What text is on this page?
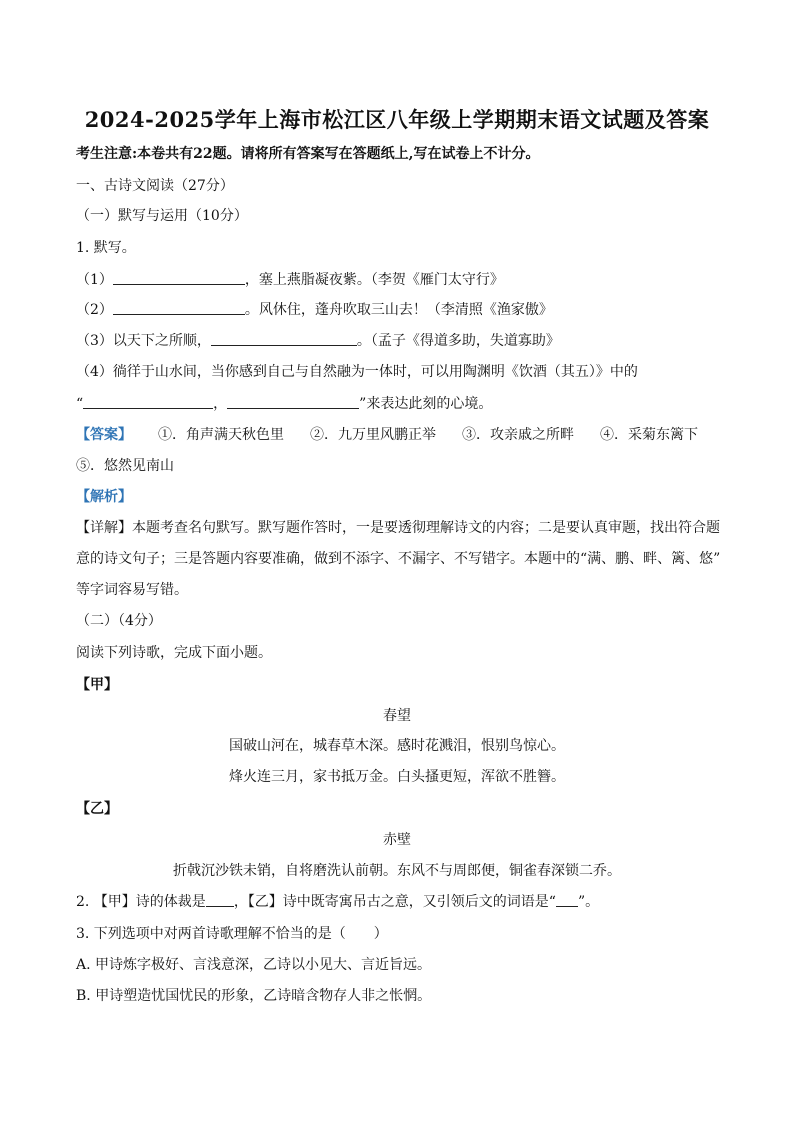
2024-2025学年上海市松江区八年级上学期期末语文试题及答案
考生注意:本卷共有22题。请将所有答案写在答题纸上,写在试卷上不计分。
一、古诗文阅读（27分）
（一）默写与运用（10分）
1. 默写。
（1）	，塞上燕脂凝夜紫。（李贺《雁门太守行》
（2）	。风休住，蓬舟吹取三山去！（李清照《渔家傲》
（3）以天下之所顺，	。（孟子《得道多助，失道寡助》
（4）徜徉于山水间，当你感到自己与自然融为一体时，可以用陶渊明《饮酒（其五）》中的
“	，	”来表达此刻的心境。
【答案】 ①．角声满天秋色里 ②．九万里风鹏正举 ③．攻亲戚之所畔 ④．采菊东篱下
⑤．悠然见南山
【解析】
【详解】本题考查名句默写。默写题作答时，一是要透彻理解诗文的内容；二是要认真审题，找出符合题
意的诗文句子；三是答题内容要准确，做到不添字、不漏字、不写错字。本题中的“满、鹏、畔、篱、悠”
等字词容易写错。
（二）（4分）
阅读下列诗歌，完成下面小题。
【甲】
春望
国破山河在，城春草木深。感时花溅泪，恨别鸟惊心。
烽火连三月，家书抵万金。白头搔更短，浑欲不胜簪。
【乙】
赤壁
折戟沉沙铁未销，自将磨洗认前朝。东风不与周郎便，铜雀春深锁二乔。
2. 【甲】诗的体裁是 ，【乙】诗中既寄寓吊古之意，又引领后文的词语是“ ”。
3. 下列选项中对两首诗歌理解不恰当的是（　　）
A. 甲诗炼字极好、言浅意深，乙诗以小见大、言近旨远。
B. 甲诗塑造忧国忧民的形象，乙诗暗含物存人非之怅惘。
